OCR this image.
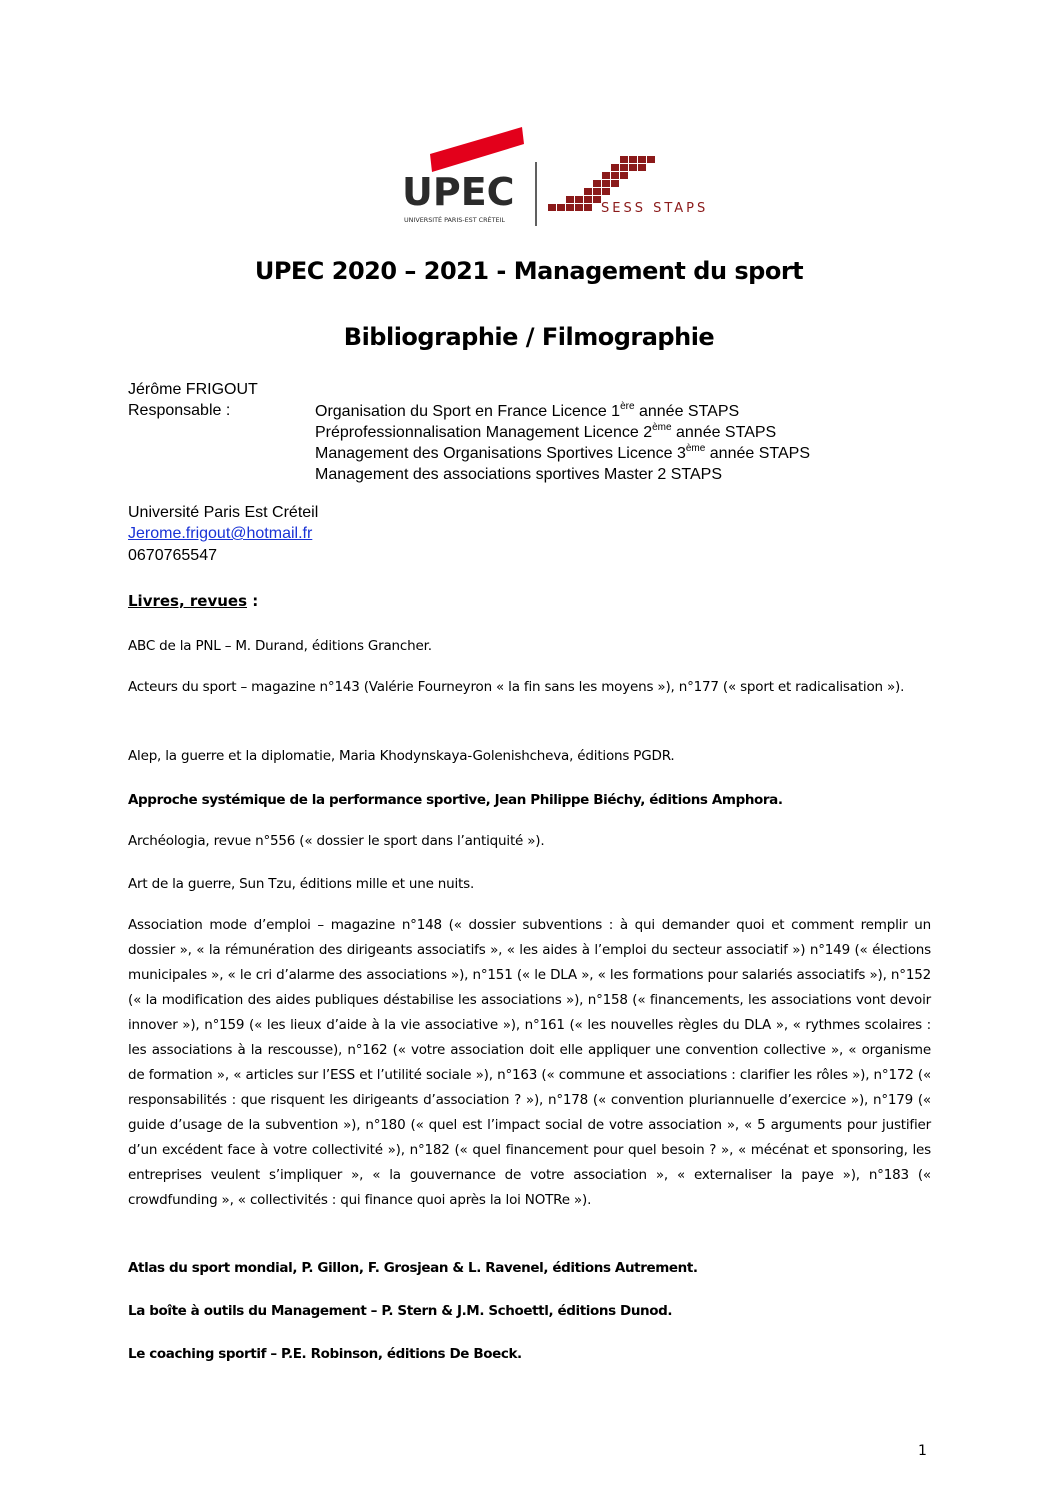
UPEC
UNIVERSITÉ PARIS-EST CRÉTEIL
SESS STAPS
UPEC 2020 – 2021 - Management du sport
Bibliographie / Filmographie
Jérôme FRIGOUT
Responsable :	Organisation du Sport en France Licence 1ère année STAPS
Préprofessionnalisation Management Licence 2ème année STAPS
Management des Organisations Sportives Licence 3ème année STAPS
Management des associations sportives Master 2 STAPS
Université Paris Est Créteil
Jerome.frigout@hotmail.fr
0670765547
Livres, revues :
ABC de la PNL – M. Durand, éditions Grancher.
Acteurs du sport – magazine n°143 (Valérie Fourneyron « la fin sans les moyens »), n°177 (« sport et radicalisation »).
Alep, la guerre et la diplomatie, Maria Khodynskaya-Golenishcheva, éditions PGDR.
Approche systémique de la performance sportive, Jean Philippe Biéchy, éditions Amphora.
Archéologia, revue n°556 (« dossier le sport dans l’antiquité »).
Art de la guerre, Sun Tzu, éditions mille et une nuits.
Association mode d’emploi – magazine n°148 (« dossier subventions : à qui demander quoi et comment remplir un dossier », « la rémunération des dirigeants associatifs », « les aides à l’emploi du secteur associatif ») n°149 (« élections municipales », « le cri d’alarme des associations »), n°151 (« le DLA », « les formations pour salariés associatifs »), n°152 (« la modification des aides publiques déstabilise les associations »), n°158 (« financements, les associations vont devoir innover »), n°159 (« les lieux d’aide à la vie associative »), n°161 (« les nouvelles règles du DLA », « rythmes scolaires : les associations à la rescousse), n°162 (« votre association doit elle appliquer une convention collective », « organisme de formation », « articles sur l’ESS et l’utilité sociale »), n°163 (« commune et associations : clarifier les rôles »), n°172 (« responsabilités : que risquent les dirigeants d’association ? »), n°178 (« convention pluriannuelle d’exercice »), n°179 (« guide d’usage de la subvention »), n°180 (« quel est l’impact social de votre association », « 5 arguments pour justifier d’un excédent face à votre collectivité »), n°182 (« quel financement pour quel besoin ? », « mécénat et sponsoring, les entreprises veulent s’impliquer », « la gouvernance de votre association », « externaliser la paye »), n°183 (« crowdfunding », « collectivités : qui finance quoi après la loi NOTRe »).
Atlas du sport mondial, P. Gillon, F. Grosjean & L. Ravenel, éditions Autrement.
La boîte à outils du Management – P. Stern & J.M. Schoettl, éditions Dunod.
Le coaching sportif – P.E. Robinson, éditions De Boeck.
1
